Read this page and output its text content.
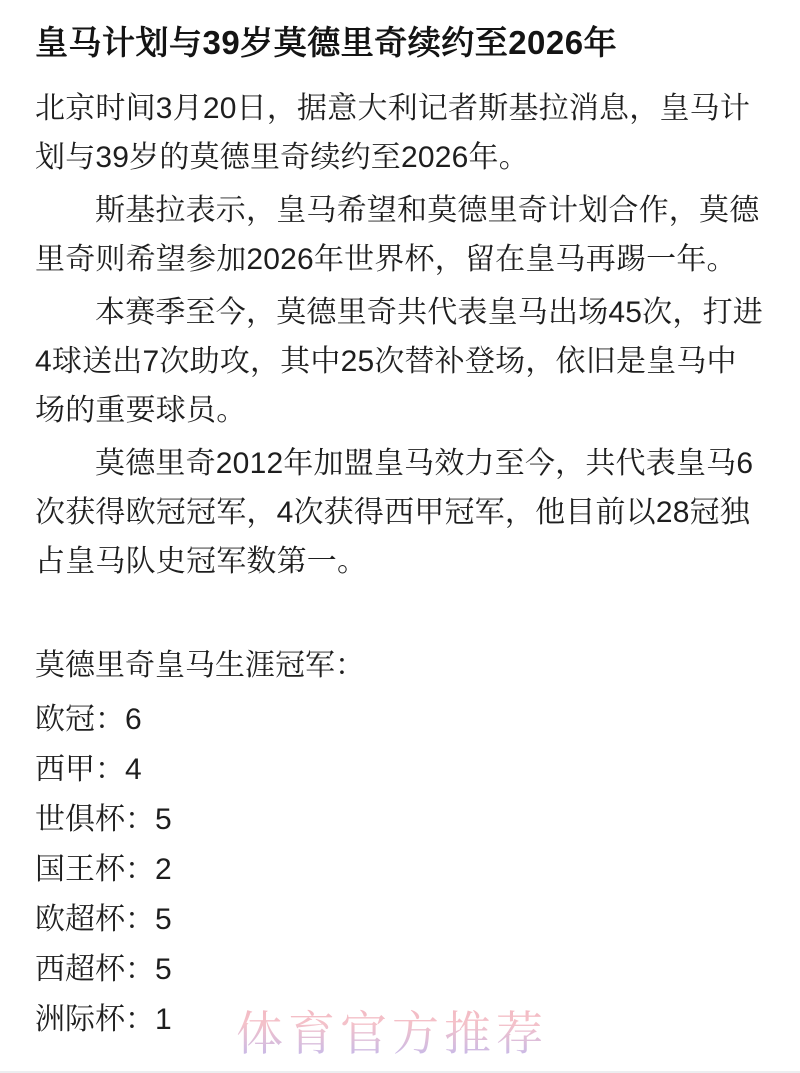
皇马计划与39岁莫德里奇续约至2026年

北京时间3月20日，据意大利记者斯基拉消息，皇马计划与39岁的莫德里奇续约至2026年。

斯基拉表示，皇马希望和莫德里奇计划合作，莫德里奇则希望参加2026年世界杯，留在皇马再踢一年。

本赛季至今，莫德里奇共代表皇马出场45次，打进4球送出7次助攻，其中25次替补登场，依旧是皇马中场的重要球员。

莫德里奇2012年加盟皇马效力至今，共代表皇马6次获得欧冠冠军，4次获得西甲冠军，他目前以28冠独占皇马队史冠军数第一。

莫德里奇皇马生涯冠军：
欧冠：6
西甲：4
世俱杯：5
国王杯：2
欧超杯：5
西超杯：5
洲际杯：1	体育官方推荐
